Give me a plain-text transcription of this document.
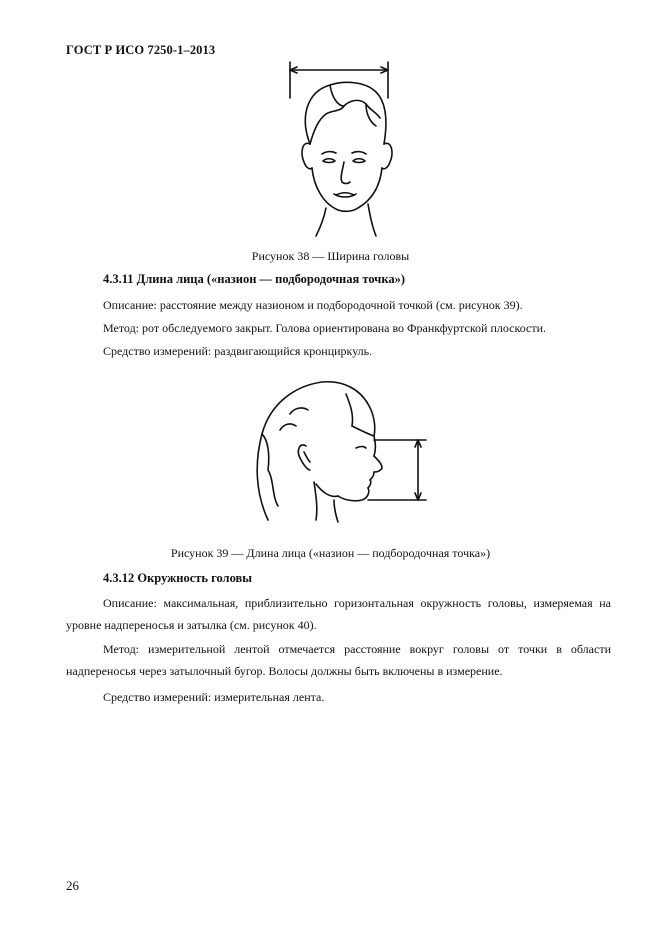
ГОСТ Р ИСО 7250-1–2013
Рисунок 38 — Ширина головы
4.3.11 Длина лица («назион — подбородочная точка»)
Описание: расстояние между назионом и подбородочной точкой (см. рисунок 39).
Метод: рот обследуемого закрыт. Голова ориентирована во Франкфуртской плоскости.
Средство измерений: раздвигающийся кронциркуль.
Рисунок 39 — Длина лица («назион — подбородочная точка»)
4.3.12 Окружность головы
Описание: максимальная, приблизительно горизонтальная окружность головы, измеряемая на уровне надпереносья и затылка (см. рисунок 40).
Метод: измерительной лентой отмечается расстояние вокруг головы от точки в области надпереносья через затылочный бугор. Волосы должны быть включены в измерение.
Средство измерений: измерительная лента.
26
